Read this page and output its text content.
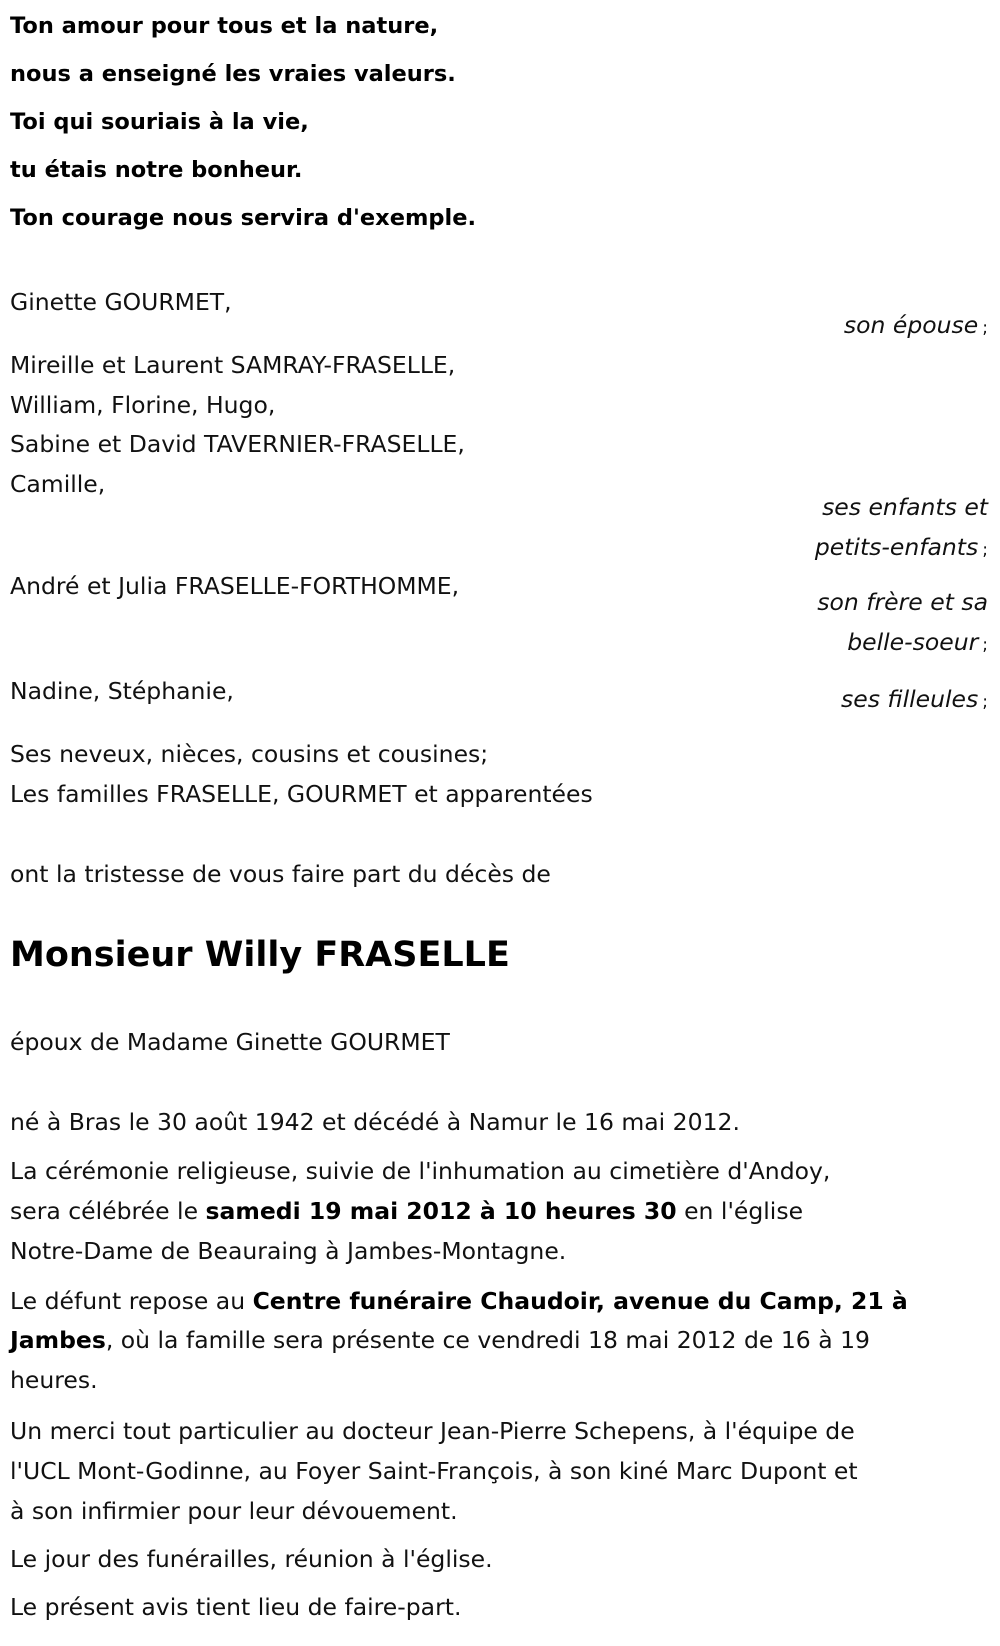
Ton amour pour tous et la nature,
nous a enseigné les vraies valeurs.
Toi qui souriais à la vie,
tu étais notre bonheur.
Ton courage nous servira d'exemple.
Ginette GOURMET,
Mireille et Laurent SAMRAY-FRASELLE,
William, Florine, Hugo,
Sabine et David TAVERNIER-FRASELLE,
Camille,
André et Julia FRASELLE-FORTHOMME,
Nadine, Stéphanie,
Ses neveux, nièces, cousins et cousines;
Les familles FRASELLE, GOURMET et apparentées
son épouse ;
ses enfants et
petits-enfants ;
son frère et sa
belle-soeur ;
ses filleules ;
ont la tristesse de vous faire part du décès de
Monsieur Willy FRASELLE
époux de Madame Ginette GOURMET
né à Bras le 30 août 1942 et décédé à Namur le 16 mai 2012.
La cérémonie religieuse, suivie de l'inhumation au cimetière d'Andoy,
sera célébrée le samedi 19 mai 2012 à 10 heures 30 en l'église
Notre-Dame de Beauraing à Jambes-Montagne.
Le défunt repose au Centre funéraire Chaudoir, avenue du Camp, 21 à
Jambes, où la famille sera présente ce vendredi 18 mai 2012 de 16 à 19
heures.
Un merci tout particulier au docteur Jean-Pierre Schepens, à l'équipe de
l'UCL Mont-Godinne, au Foyer Saint-François, à son kiné Marc Dupont et
à son infirmier pour leur dévouement.
Le jour des funérailles, réunion à l'église.
Le présent avis tient lieu de faire-part.
